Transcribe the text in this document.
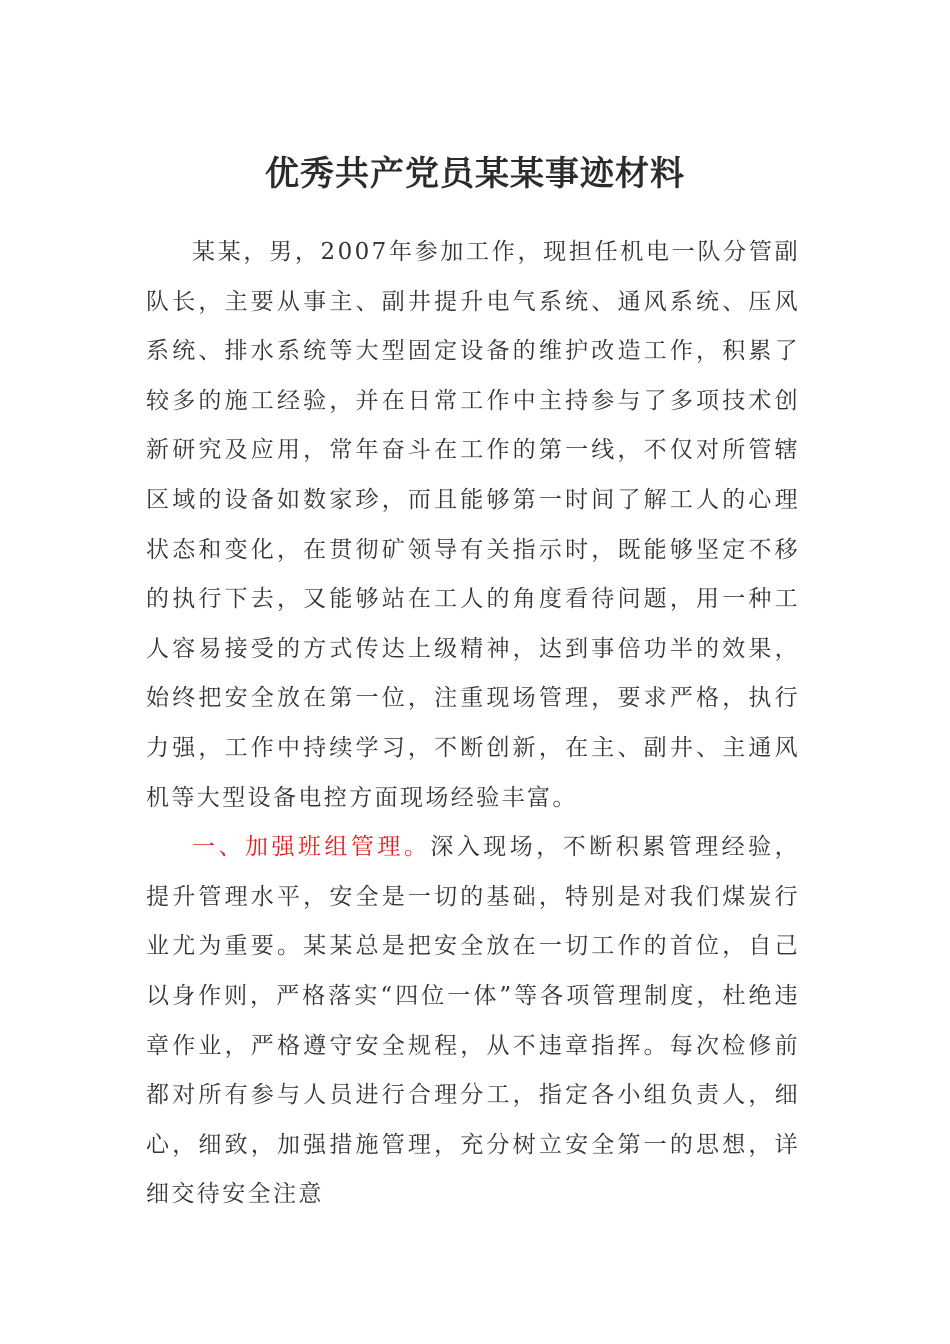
优秀共产党员某某事迹材料

某某，男，2007年参加工作，现担任机电一队分管副队长，主要从事主、副井提升电气系统、通风系统、压风系统、排水系统等大型固定设备的维护改造工作，积累了较多的施工经验，并在日常工作中主持参与了多项技术创新研究及应用，常年奋斗在工作的第一线，不仅对所管辖区域的设备如数家珍，而且能够第一时间了解工人的心理状态和变化，在贯彻矿领导有关指示时，既能够坚定不移的执行下去，又能够站在工人的角度看待问题，用一种工人容易接受的方式传达上级精神，达到事倍功半的效果，始终把安全放在第一位，注重现场管理，要求严格，执行力强，工作中持续学习，不断创新，在主、副井、主通风机等大型设备电控方面现场经验丰富。

一、加强班组管理。深入现场，不断积累管理经验，提升管理水平，安全是一切的基础，特别是对我们煤炭行业尤为重要。某某总是把安全放在一切工作的首位，自己以身作则，严格落实“四位一体”等各项管理制度，杜绝违章作业，严格遵守安全规程，从不违章指挥。每次检修前都对所有参与人员进行合理分工，指定各小组负责人，细心，细致，加强措施管理，充分树立安全第一的思想，详细交待安全注意
